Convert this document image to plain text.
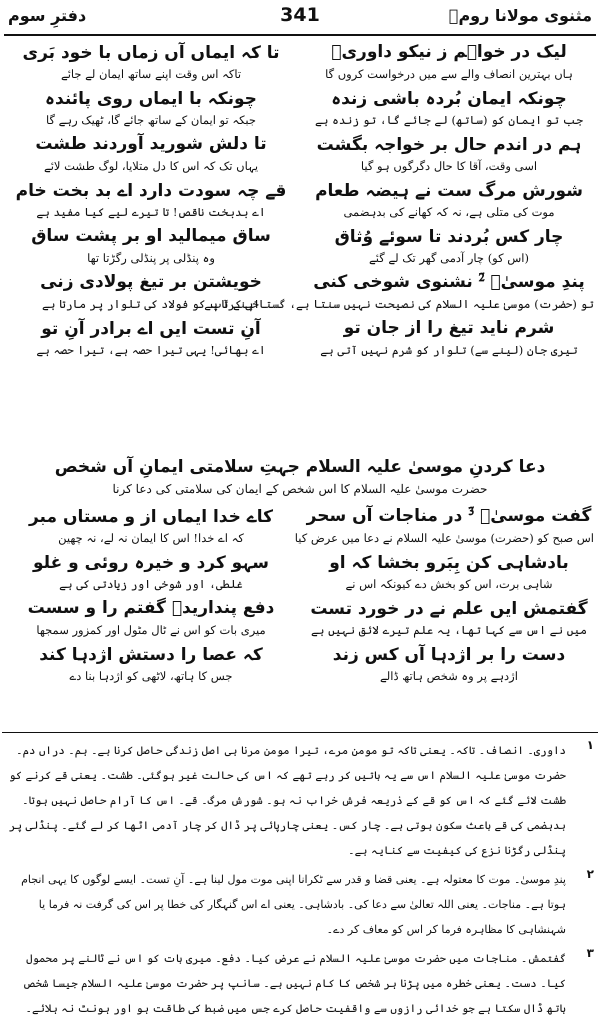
مثنوی مولانا رومؒ
341
دفترِ سوم
لیک در خواہم ز نیکو داوریؔ
تا کہ ایماں آں زماں با خود بَری
ہاں بہترین انصاف والے سے میں درخواست کروں گا
تاکہ اس وقت اپنے ساتھ ایمان لے جائے
چونکہ ایمان بُردہ باشی زندہ
چونکہ با ایماں روی پائندہ
جب تو ایمان کو (ساتھ) لے جائے گا، تو زندہ ہے
جبکہ تو ایمان کے ساتھ جائے گا، ٹھیک رہے گا
ہم در اندم حال بر خواجہ بگشت
تا دلش شورید آوردند طشت
اسی وقت، آقا کا حال دگرگوں ہو گیا
یہاں تک کہ اس کا دل متلایا، لوگ طشت لائے
شورش مرگ ست نے ہیضہ طعام
قے چہ سودت دارد اے بد بخت خام
موت کی متلی ہے، نہ کہ کھانے کی بدہضمی
اے بدبخت ناقص! تا تیرے لیے کیا مفید ہے
چار کس بُردند تا سوئے وُثاق
ساق میمالید او بر پشت ساق
(اس کو) چار آدمی گھر تک لے گئے
وہ پنڈلی پر پنڈلی رگڑتا تھا
پندِ موسیٰؑ ²ؔ نشنوی شوخی کنی
خویشتن بر تیغ پولادی زنی
تو (حضرت) موسیٰ علیہ السلام کی نصیحت نہیں سنتا ہے، گستاخی کرتا ہے
اپنے آپ کو فولاد کی تلوار پر مارتا ہے
شرم ناید تیغ را از جان تو
آنِ تست ایں اے برادر آنِ تو
تیری جان (لینے سے) تلوار کو شرم نہیں آتی ہے
اے بھائی! یہی تیرا حصہ ہے، تیرا حصہ ہے
دعا کردنِ موسیٰ علیہ السلام جہتِ سلامتی ایمانِ آں شخص
حضرت موسیٰ علیہ السلام کا اس شخص کے ایمان کی سلامتی کی دعا کرنا
گفت موسیٰؑ ³ؔ در مناجات آں سحر
کاے خدا ایماں از و مستاں مبر
اس صبح کو (حضرت) موسیٰ علیہ السلام نے دعا میں عرض کیا
کہ اے خدا! اس کا ایمان نہ لے، نہ چھین
بادشاہی کن بِبَرو بخشا کہ او
سہو کرد و خیرہ روئی و غلو
شاہی برت، اس کو بخش دے کیونکہ اس نے
غلطی، اور شوخی اور زیادتی کی ہے
گفتمش ایں علم نے در خورد تست
دفع پنداریدؔ گفتم را و سست
میں نے اس سے کہا تھا، یہ علم تیرے لائق نہیں ہے
میری بات کو اس نے ٹال مٹول اور کمزور سمجھا
دست را بر اژدہا آں کس زند
کہ عصا را دستش اژدہا کند
اژدہے پر وہ شخص ہاتھ ڈالے
جس کا ہاتھ، لاٹھی کو اژدہا بنا دے
۱
داوری۔ انصاف۔ تاکہ۔ یعنی تاکہ تو مومن مرے، تیرا مومن مرنا ہی اصل زندگی حاصل کرنا ہے۔ ہم۔ دراں دم۔ حضرت موسیٰ علیہ السلام اس سے یہ باتیں کر رہے تھے کہ اس کی حالت غیر ہوگئی۔ طشت۔ یعنی قے کرنے کو طشت لائے گئے کہ اس کو قے کے ذریعہ فرش خراب نہ ہو۔ شورش مرگ۔ قے۔ اس کا آرام حاصل نہیں ہوتا۔ بدہضمی کی قے باعث سکون ہوتی ہے۔ چار کس۔ یعنی چارپائی پر ڈال کر چار آدمی اٹھا کر لے گئے۔ پنڈلی پر پنڈلی رگڑنا نزع کی کیفیت سے کنایہ ہے۔
۲
پندِ موسیٰ۔ موت کا معتولہ ہے۔ یعنی قضا و قدر سے ٹکرانا اپنی موت مول لینا ہے۔ آنِ تست۔ ایسے لوگوں کا یہی انجام ہوتا ہے۔ مناجات۔ یعنی اللہ تعالیٰ سے دعا کی۔ بادشاہی۔ یعنی اے اس گنہگار کی خطا پر اس کی گرفت نہ فرما یا شہنشاہی کا مظاہرہ فرما کر اس کو معاف کر دے۔
۳
گفتمش۔ مناجات میں حضرت موسیٰ علیہ السلام نے عرض کیا۔ دفع۔ میری بات کو اس نے ٹالنے پر محمول کیا۔ دست۔ یعنی خطرہ میں پڑنا ہر شخص کا کام نہیں ہے۔ سانپ پر حضرت موسیٰ علیہ السلام جیسا شخص ہاتھ ڈال سکتا ہے جو خدائی رازوں سے واقفیت حاصل کرے جس میں ضبط کی طاقت ہو اور ہونٹ نہ ہلائے۔
